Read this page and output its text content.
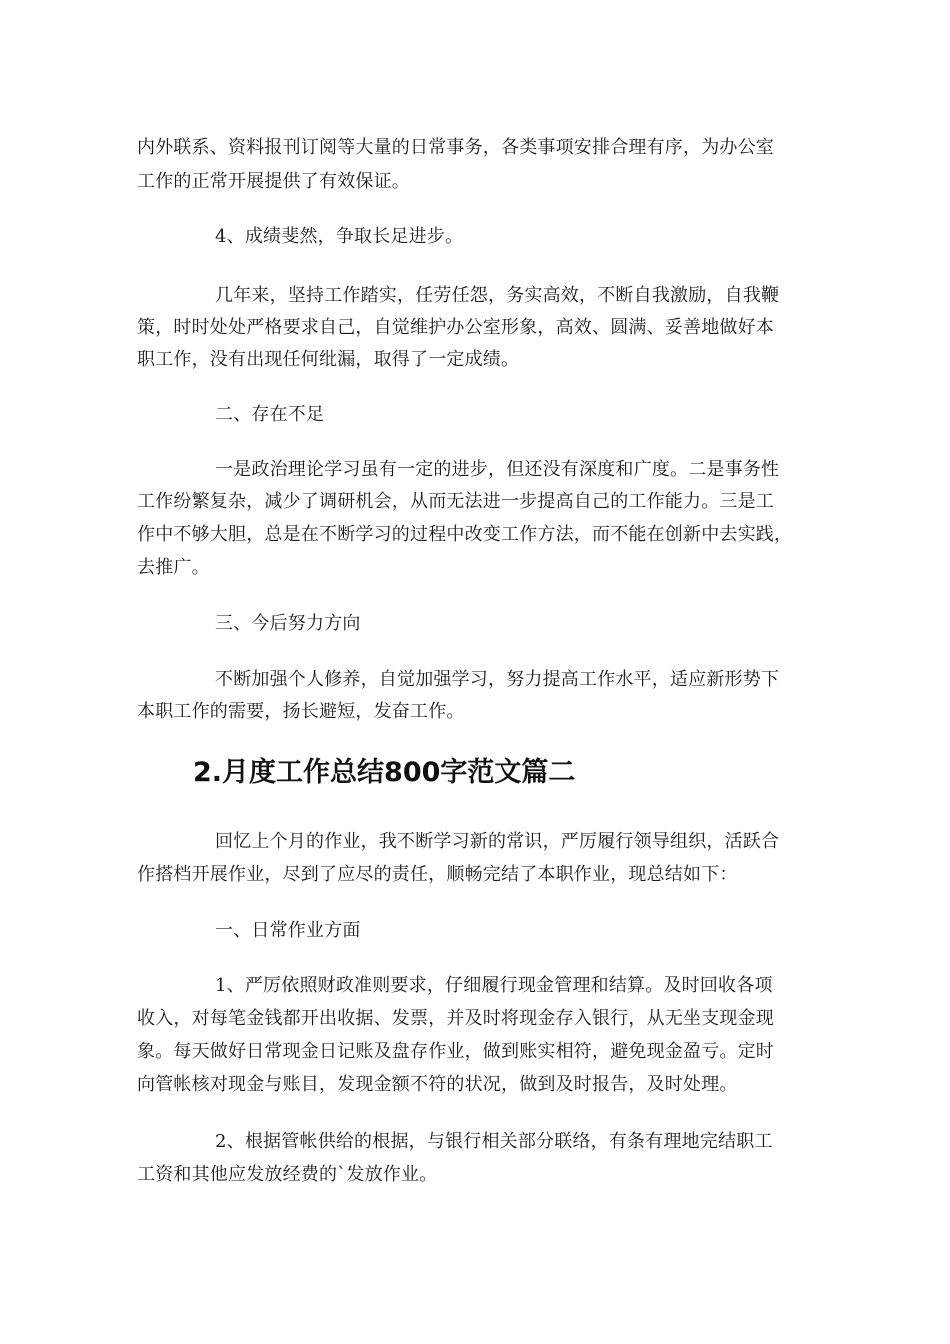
内外联系、资料报刊订阅等大量的日常事务，各类事项安排合理有序，为办公室
工作的正常开展提供了有效保证。
4、成绩斐然，争取长足进步。
几年来，坚持工作踏实，任劳任怨，务实高效，不断自我激励，自我鞭
策，时时处处严格要求自己，自觉维护办公室形象，高效、圆满、妥善地做好本
职工作，没有出现任何纰漏，取得了一定成绩。
二、存在不足
一是政治理论学习虽有一定的进步，但还没有深度和广度。二是事务性
工作纷繁复杂，减少了调研机会，从而无法进一步提高自己的工作能力。三是工
作中不够大胆，总是在不断学习的过程中改变工作方法，而不能在创新中去实践，
去推广。
三、今后努力方向
不断加强个人修养，自觉加强学习，努力提高工作水平，适应新形势下
本职工作的需要，扬长避短，发奋工作。
2.月度工作总结800字范文篇二
回忆上个月的作业，我不断学习新的常识，严厉履行领导组织，活跃合
作搭档开展作业，尽到了应尽的责任，顺畅完结了本职作业，现总结如下：
一、日常作业方面
1、严厉依照财政准则要求，仔细履行现金管理和结算。及时回收各项
收入，对每笔金钱都开出收据、发票，并及时将现金存入银行，从无坐支现金现
象。每天做好日常现金日记账及盘存作业，做到账实相符，避免现金盈亏。定时
向管帐核对现金与账目，发现金额不符的状况，做到及时报告，及时处理。
2、根据管帐供给的根据，与银行相关部分联络，有条有理地完结职工
工资和其他应发放经费的`发放作业。
